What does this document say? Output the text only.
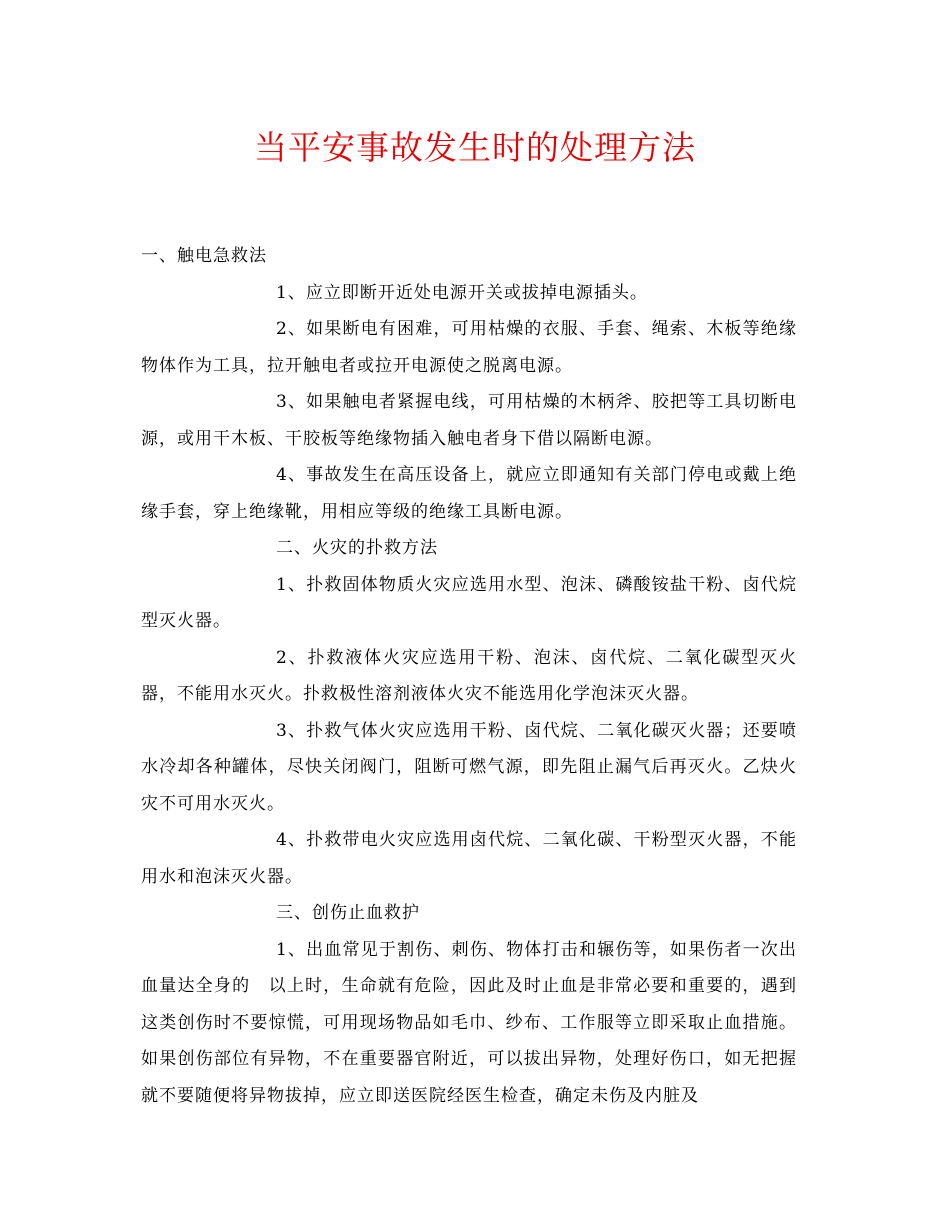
当平安事故发生时的处理方法

一、触电急救法

1、应立即断开近处电源开关或拔掉电源插头。

2、如果断电有困难，可用枯燥的衣服、手套、绳索、木板等绝缘物体作为工具，拉开触电者或拉开电源使之脱离电源。

3、如果触电者紧握电线，可用枯燥的木柄斧、胶把等工具切断电源，或用干木板、干胶板等绝缘物插入触电者身下借以隔断电源。

4、事故发生在高压设备上，就应立即通知有关部门停电或戴上绝缘手套，穿上绝缘靴，用相应等级的绝缘工具断电源。

二、火灾的扑救方法

1、扑救固体物质火灾应选用水型、泡沫、磷酸铵盐干粉、卤代烷型灭火器。

2、扑救液体火灾应选用干粉、泡沫、卤代烷、二氧化碳型灭火器，不能用水灭火。扑救极性溶剂液体火灾不能选用化学泡沫灭火器。

3、扑救气体火灾应选用干粉、卤代烷、二氧化碳灭火器；还要喷水冷却各种罐体，尽快关闭阀门，阻断可燃气源，即先阻止漏气后再灭火。乙炔火灾不可用水灭火。

4、扑救带电火灾应选用卤代烷、二氧化碳、干粉型灭火器，不能用水和泡沫灭火器。

三、创伤止血救护

1、出血常见于割伤、刺伤、物体打击和辗伤等，如果伤者一次出血量达全身的　以上时，生命就有危险，因此及时止血是非常必要和重要的，遇到这类创伤时不要惊慌，可用现场物品如毛巾、纱布、工作服等立即采取止血措施。如果创伤部位有异物，不在重要器官附近，可以拔出异物，处理好伤口，如无把握就不要随便将异物拔掉，应立即送医院经医生检查，确定未伤及内脏及
